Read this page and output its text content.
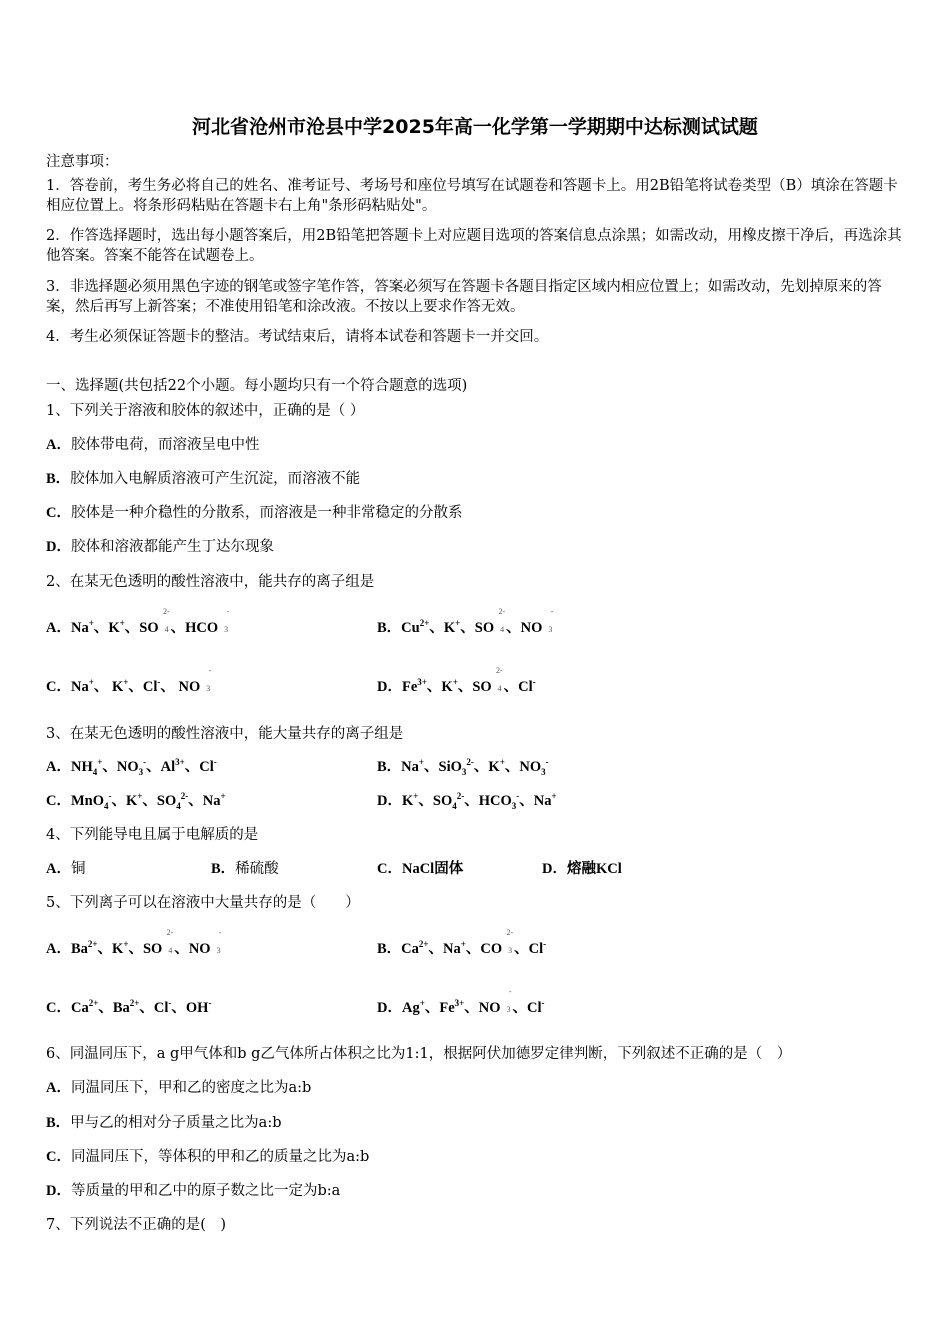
河北省沧州市沧县中学2025年高一化学第一学期期中达标测试试题
注意事项：
1．答卷前，考生务必将自己的姓名、准考证号、考场号和座位号填写在试题卷和答题卡上。用2B铅笔将试卷类型（B）填涂在答题卡相应位置上。将条形码粘贴在答题卡右上角"条形码粘贴处"。
2．作答选择题时，选出每小题答案后，用2B铅笔把答题卡上对应题目选项的答案信息点涂黑；如需改动，用橡皮擦干净后，再选涂其他答案。答案不能答在试题卷上。
3．非选择题必须用黑色字迹的钢笔或签字笔作答，答案必须写在答题卡各题目指定区域内相应位置上；如需改动，先划掉原来的答案，然后再写上新答案；不准使用铅笔和涂改液。不按以上要求作答无效。
4．考生必须保证答题卡的整洁。考试结束后，请将本试卷和答题卡一并交回。
一、选择题(共包括22个小题。每小题均只有一个符合题意的选项)
1、下列关于溶液和胶体的叙述中，正确的是（ ）
A．胶体带电荷，而溶液呈电中性
B．胶体加入电解质溶液可产生沉淀，而溶液不能
C．胶体是一种介稳性的分散系，而溶液是一种非常稳定的分散系
D．胶体和溶液都能产生丁达尔现象
2、在某无色透明的酸性溶液中，能共存的离子组是
A．Na+、K+、SO
2-
4 、HCO
-
3	B．$Cu^{2+}$、K+、SO
2-
4 、NO
-
3
C．Na+、 K+、Cl-、 NO
-
3	D．$Fe^{3+}$、K+、SO
2-
4 、Cl-
3、在某无色透明的酸性溶液中，能大量共存的离子组是
A．$NH_4^+$、$NO_3^-$、$Al^{3+}$、Cl-	B．Na+、SiO$_3^{2-}$、K+、$NO_3^-$
C．MnO$_4$-、K+、$SO_4^{2-}$、Na+	D．K+、$SO_4^{2-}$、$HCO_3^-$、Na+
4、下列能导电且属于电解质的是
A．铜	B．稀硫酸	C．NaCl固体	D．熔融KCl
5、下列离子可以在溶液中大量共存的是（　　）
A．$Ba^{2+}$、K+、SO
2-
4 、NO
-
3	B．$Ca^{2+}$、Na+、CO
2-
3 、Cl-
C．$Ca^{2+}$、$Ba^{2+}$、Cl-、OH-	D．Ag+、$Fe^{3+}$、NO
-
3 、Cl-
6、同温同压下，a g甲气体和b g乙气体所占体积之比为1:1，根据阿伏加德罗定律判断，下列叙述不正确的是（　）
A．同温同压下，甲和乙的密度之比为a:b
B．甲与乙的相对分子质量之比为a:b
C．同温同压下，等体积的甲和乙的质量之比为a:b
D．等质量的甲和乙中的原子数之比一定为b:a
7、下列说法不正确的是(　)
